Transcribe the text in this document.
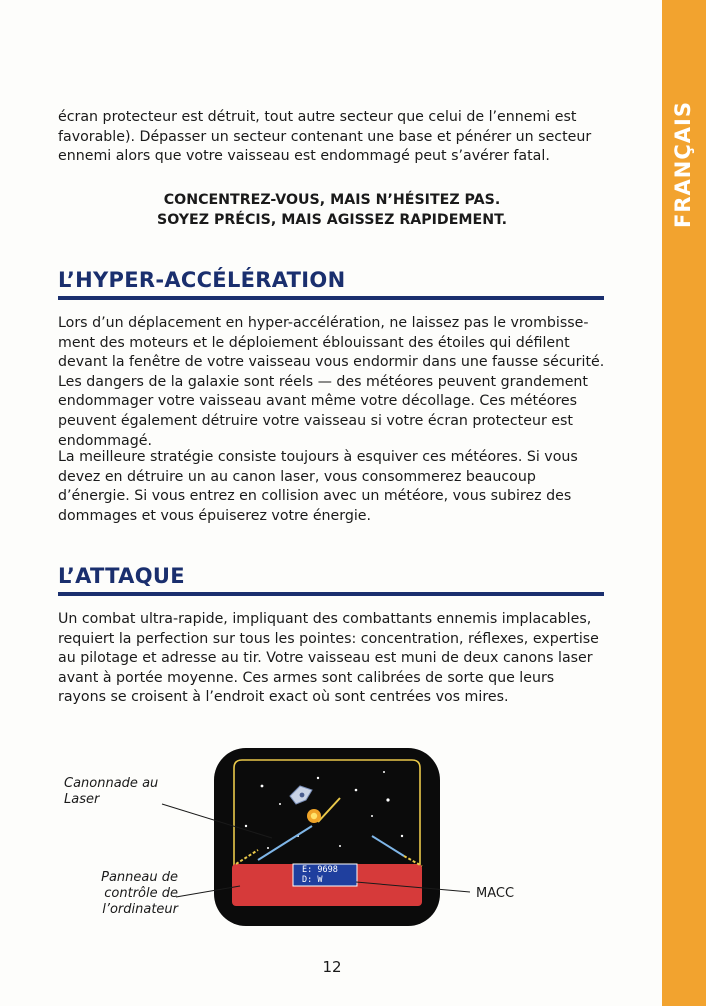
FRANÇAIS

écran protecteur est détruit, tout autre secteur que celui de l’ennemi est favorable). Dépasser un secteur contenant une base et pénérer un secteur ennemi alors que votre vaisseau est endommagé peut s’avérer fatal.

CONCENTREZ-VOUS, MAIS N’HÉSITEZ PAS.
SOYEZ PRÉCIS, MAIS AGISSEZ RAPIDEMENT.
L’HYPER-ACCÉLÉRATION

Lors d’un déplacement en hyper-accélération, ne laissez pas le vrombisse-ment des moteurs et le déploiement éblouissant des étoiles qui défilent devant la fenêtre de votre vaisseau vous endormir dans une fausse sécurité. Les dangers de la galaxie sont réels — des météores peuvent grandement endommager votre vaisseau avant même votre décollage. Ces météores peuvent également détruire votre vaisseau si votre écran protecteur est endommagé.

La meilleure stratégie consiste toujours à esquiver ces météores. Si vous devez en détruire un au canon laser, vous consommerez beaucoup d’énergie. Si vous entrez en collision avec un météore, vous subirez des dommages et vous épuiserez votre énergie.

L’ATTAQUE

Un combat ultra-rapide, impliquant des combattants ennemis implacables, requiert la perfection sur tous les pointes: concentration, réflexes, expertise au pilotage et adresse au tir. Votre vaisseau est muni de deux canons laser avant à portée moyenne. Ces armes sont calibrées de sorte que leurs rayons se croisent à l’endroit exact où sont centrées vos mires.

E: 9698
D: W

Canonnade au Laser

Panneau de contrôle de l’ordinateur

MACC

12
